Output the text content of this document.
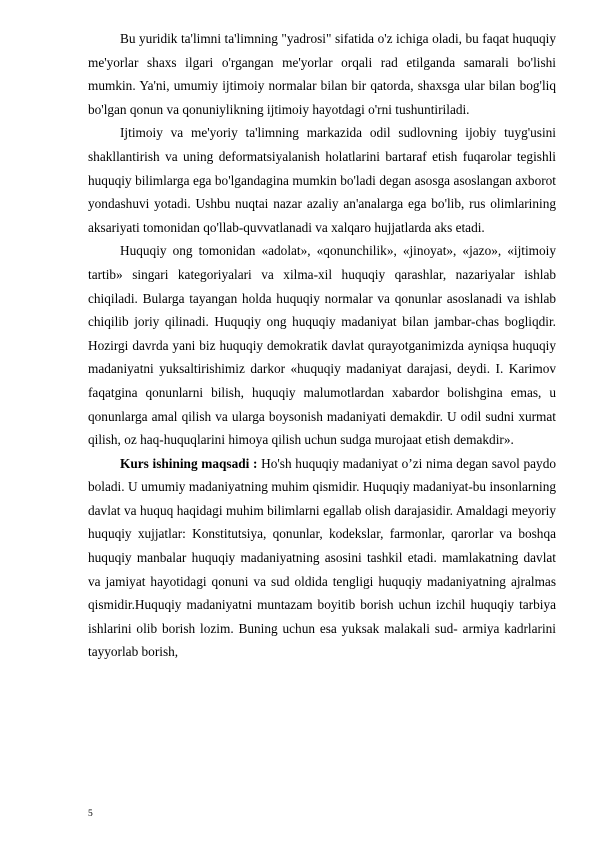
Bu yuridik ta'limni ta'limning "yadrosi" sifatida o'z ichiga oladi, bu faqat huquqiy me'yorlar shaxs ilgari o'rgangan me'yorlar orqali rad etilganda samarali bo'lishi mumkin. Ya'ni, umumiy ijtimoiy normalar bilan bir qatorda, shaxsga ular bilan bog'liq bo'lgan qonun va qonuniylikning ijtimoiy hayotdagi o'rni tushuntiriladi.

Ijtimoiy va me'yoriy ta'limning markazida odil sudlovning ijobiy tuyg'usini shakllantirish va uning deformatsiyalanish holatlarini bartaraf etish fuqarolar tegishli huquqiy bilimlarga ega bo'lgandagina mumkin bo'ladi degan asosga asoslangan axborot yondashuvi yotadi. Ushbu nuqtai nazar azaliy an'analarga ega bo'lib, rus olimlarining aksariyati tomonidan qo'llab-quvvatlanadi va xalqaro hujjatlarda aks etadi.

Huquqiy ong tomonidan «adolat», «qonunchilik», «jinoyat», «jazo», «ijtimoiy tartib» singari kategoriyalari va xilma-xil huquqiy qarashlar, nazariyalar ishlab chiqiladi. Bularga tayangan holda huquqiy normalar va qonunlar asoslanadi va ishlab chiqilib joriy qilinadi. Huquqiy ong huquqiy madaniyat bilan jambar-chas bogliqdir. Hozirgi davrda yani biz huquqiy demokratik davlat qurayotganimizda ayniqsa huquqiy madaniyatni yuksaltirishimiz darkor «huquqiy madaniyat darajasi, deydi. I. Karimov faqatgina qonunlarni bilish, huquqiy malumotlardan xabardor bolishgina emas, u qonunlarga amal qilish va ularga boysonish madaniyati demakdir. U odil sudni xurmat qilish, oz haq-huquqlarini himoya qilish uchun sudga murojaat etish demakdir».

Kurs ishining maqsadi : Ho'sh huquqiy madaniyat o’zi nima degan savol paydo boladi. U umumiy madaniyatning muhim qismidir. Huquqiy madaniyat-bu insonlarning davlat va huquq haqidagi muhim bilimlarni egallab olish darajasidir. Amaldagi meyoriy huquqiy xujjatlar: Konstitutsiya, qonunlar, kodekslar, farmonlar, qarorlar va boshqa huquqiy manbalar huquqiy madaniyatning asosini tashkil etadi. mamlakatning davlat va jamiyat hayotidagi qonuni va sud oldida tengligi huquqiy madaniyatning ajralmas qismidir.Huquqiy madaniyatni muntazam boyitib borish uchun izchil huquqiy tarbiya ishlarini olib borish lozim. Buning uchun esa yuksak malakali sud- armiya kadrlarini tayyorlab borish,

5
